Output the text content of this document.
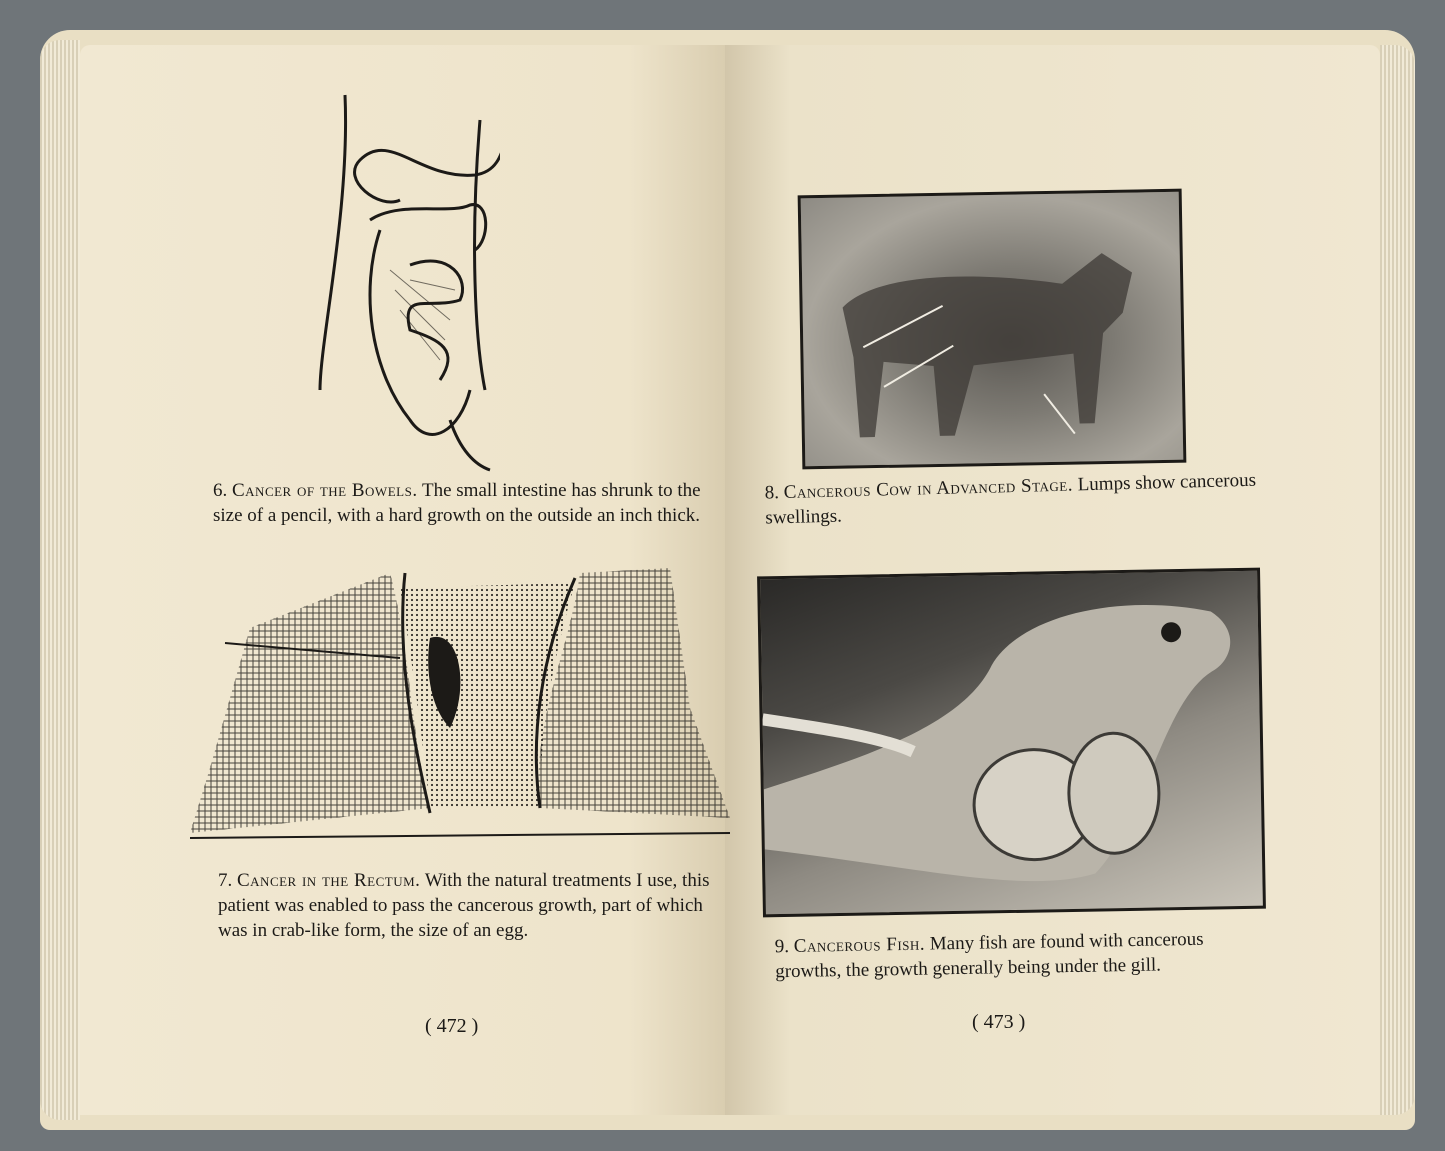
6. Cancer of the Bowels. The small intestine has shrunk to the size of a pencil, with a hard growth on the outside an inch thick.
7. Cancer in the Rectum. With the natural treatments I use, this patient was enabled to pass the cancerous growth, part of which was in crab-like form, the size of an egg.
( 472 )
8. Cancerous Cow in Advanced Stage. Lumps show cancerous swellings.
9. Cancerous Fish. Many fish are found with cancerous growths, the growth generally being under the gill.
( 473 )
